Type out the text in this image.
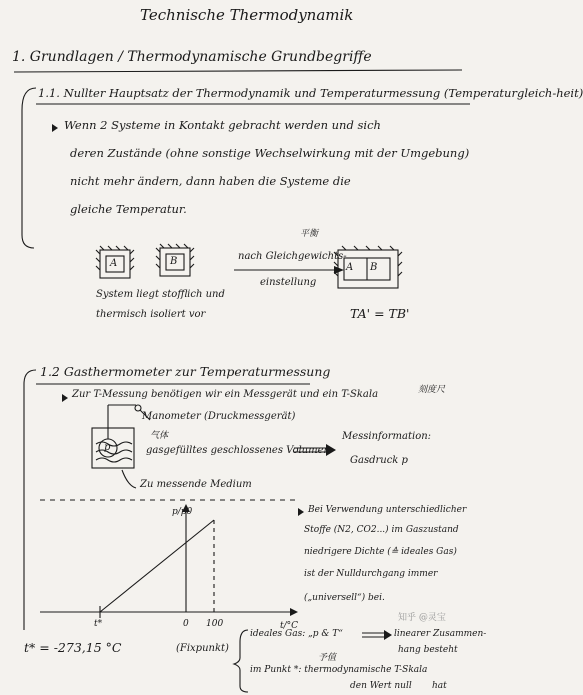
Technische Thermodynamik
1. Grundlagen / Thermodynamische Grundbegriffe
1.1. Nullter Hauptsatz der Thermodynamik und Temperaturmessung (Temperaturgleich-heit)
Wenn 2 Systeme in Kontakt gebracht werden und sich
deren Zustände (ohne sonstige Wechselwirkung mit der Umgebung)
nicht mehr ändern, dann haben die Systeme die
gleiche Temperatur.
A	B
A B
System liegt stofflich und
thermisch isoliert vor
平衡
nach Gleichgewichts-
einstellung
TA' = TB'
1.2 Gasthermometer zur Temperaturmessung
Zur T-Messung benötigen wir ein Messgerät und ein T-Skala	刻度尺
Manometer (Druckmessgerät)
气体
gasgefülltes geschlossenes Volumen
p
Messinformation:
Gasdruck p
Zu messende Medium
p/p0
t/°C
t*	0 100
Bei Verwendung unterschiedlicher
Stoffe (N2, CO2...) im Gaszustand
niedrigere Dichte (≙ ideales Gas)
ist der Nulldurchgang immer
(„universell“) bei.
t* = -273,15 °C	(Fixpunkt)
ideales Gas: „p & T“	linearer Zusammen-
hang besteht
予值
im Punkt *: thermodynamische T-Skala
den Wert null hat
知乎 @灵宝
